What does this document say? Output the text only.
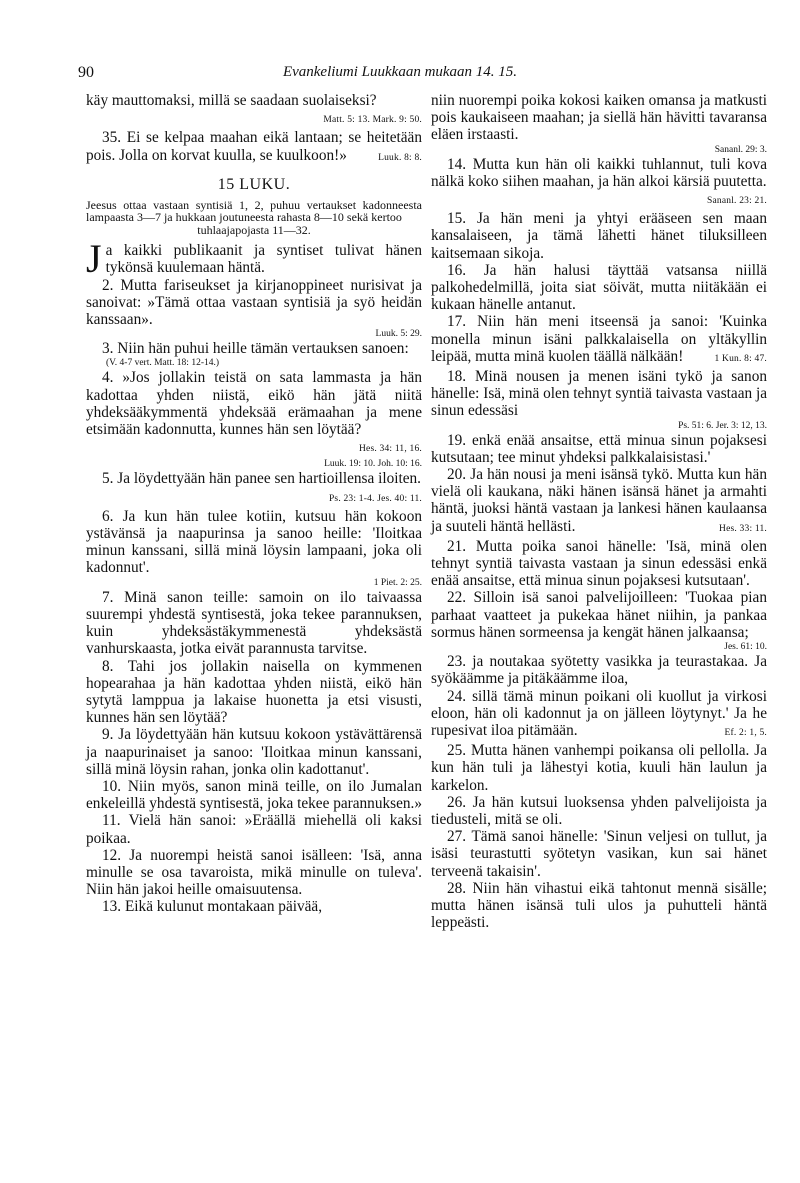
90	Evankeliumi Luukkaan mukaan 14. 15.

käy mauttomaksi, millä se saadaan suolaiseksi?
Matt. 5: 13. Mark. 9: 50.

35. Ei se kelpaa maahan eikä lantaan; se heitetään pois. Jolla on korvat kuulla, se kuulkoon!»	Luuk. 8: 8.

15 LUKU.
Jeesus ottaa vastaan syntisiä 1, 2, puhuu vertaukset kadonneesta lampaasta 3—7 ja hukkaan joutuneesta rahasta 8—10 sekä kertoo
tuhlaajapojasta 11—32.

Ja kaikki publikaanit ja syntiset tulivat hänen tykönsä kuulemaan häntä.

2. Mutta fariseukset ja kirjanoppineet nurisivat ja sanoivat: »Tämä ottaa vastaan syntisiä ja syö heidän kanssaan».

Luuk. 5: 29.

3. Niin hän puhui heille tämän vertauksen sanoen:

(V. 4-7 vert. Matt. 18: 12-14.)

4. »Jos jollakin teistä on sata lammasta ja hän kadottaa yhden niistä, eikö hän jätä niitä yhdeksääkymmentä yhdeksää erämaahan ja mene etsimään kadonnutta, kunnes hän sen löytää?
Hes. 34: 11, 16.

Luuk. 19: 10. Joh. 10: 16.

5. Ja löydettyään hän panee sen hartioillensa iloiten.
Ps. 23: 1-4. Jes. 40: 11.

6. Ja kun hän tulee kotiin, kutsuu hän kokoon ystävänsä ja naapurinsa ja sanoo heille: 'Iloitkaa minun kanssani, sillä minä löysin lampaani, joka oli kadonnut'.

1 Piet. 2: 25.

7. Minä sanon teille: samoin on ilo taivaassa suurempi yhdestä syntisestä, joka tekee parannuksen, kuin yhdeksästäkymmenestä yhdeksästä vanhurskaasta, jotka eivät parannusta tarvitse.

8. Tahi jos jollakin naisella on kymmenen hopearahaa ja hän kadottaa yhden niistä, eikö hän sytytä lamppua ja lakaise huonetta ja etsi visusti, kunnes hän sen löytää?

9. Ja löydettyään hän kutsuu kokoon ystävättärensä ja naapurinaiset ja sanoo: 'Iloitkaa minun kanssani, sillä minä löysin rahan, jonka olin kadottanut'.

10. Niin myös, sanon minä teille, on ilo Jumalan enkeleillä yhdestä syntisestä, joka tekee parannuksen.»

11. Vielä hän sanoi: »Eräällä miehellä oli kaksi poikaa.

12. Ja nuorempi heistä sanoi isälleen: 'Isä, anna minulle se osa tavaroista, mikä minulle on tuleva'. Niin hän jakoi heille omaisuutensa.

13. Eikä kulunut montakaan päivää,

niin nuorempi poika kokosi kaiken omansa ja matkusti pois kaukaiseen maahan; ja siellä hän hävitti tavaransa eläen irstaasti.

Sananl. 29: 3.

14. Mutta kun hän oli kaikki tuhlannut, tuli kova nälkä koko siihen maahan, ja hän alkoi kärsiä puutetta.
Sananl. 23: 21.

15. Ja hän meni ja yhtyi erääseen sen maan kansalaiseen, ja tämä lähetti hänet tiluksilleen kaitsemaan sikoja.

16. Ja hän halusi täyttää vatsansa niillä palkohedelmillä, joita siat söivät, mutta niitäkään ei kukaan hänelle antanut.

17. Niin hän meni itseensä ja sanoi: 'Kuinka monella minun isäni palkkalaisella on yltäkyllin leipää, mutta minä kuolen täällä nälkään!	1 Kun. 8: 47.

18. Minä nousen ja menen isäni tykö ja sanon hänelle: Isä, minä olen tehnyt syntiä taivasta vastaan ja sinun edessäsi

Ps. 51: 6. Jer. 3: 12, 13.

19. enkä enää ansaitse, että minua sinun pojaksesi kutsutaan; tee minut yhdeksi palkkalaisistasi.'

20. Ja hän nousi ja meni isänsä tykö. Mutta kun hän vielä oli kaukana, näki hänen isänsä hänet ja armahti häntä, juoksi häntä vastaan ja lankesi hänen kaulaansa ja suuteli häntä hellästi.	Hes. 33: 11.

21. Mutta poika sanoi hänelle: 'Isä, minä olen tehnyt syntiä taivasta vastaan ja sinun edessäsi enkä enää ansaitse, että minua sinun pojaksesi kutsutaan'.

22. Silloin isä sanoi palvelijoilleen: 'Tuokaa pian parhaat vaatteet ja pukekaa hänet niihin, ja pankaa sormus hänen sormeensa ja kengät hänen jalkaansa;

Jes. 61: 10.

23. ja noutakaa syötetty vasikka ja teurastakaa. Ja syökäämme ja pitäkäämme iloa,

24. sillä tämä minun poikani oli kuollut ja virkosi eloon, hän oli kadonnut ja on jälleen löytynyt.' Ja he rupesivat iloa pitämään.	Ef. 2: 1, 5.

25. Mutta hänen vanhempi poikansa oli pellolla. Ja kun hän tuli ja lähestyi kotia, kuuli hän laulun ja karkelon.

26. Ja hän kutsui luoksensa yhden palvelijoista ja tiedusteli, mitä se oli.

27. Tämä sanoi hänelle: 'Sinun veljesi on tullut, ja isäsi teurastutti syötetyn vasikan, kun sai hänet terveenä takaisin'.

28. Niin hän vihastui eikä tahtonut mennä sisälle; mutta hänen isänsä tuli ulos ja puhutteli häntä leppeästi.
